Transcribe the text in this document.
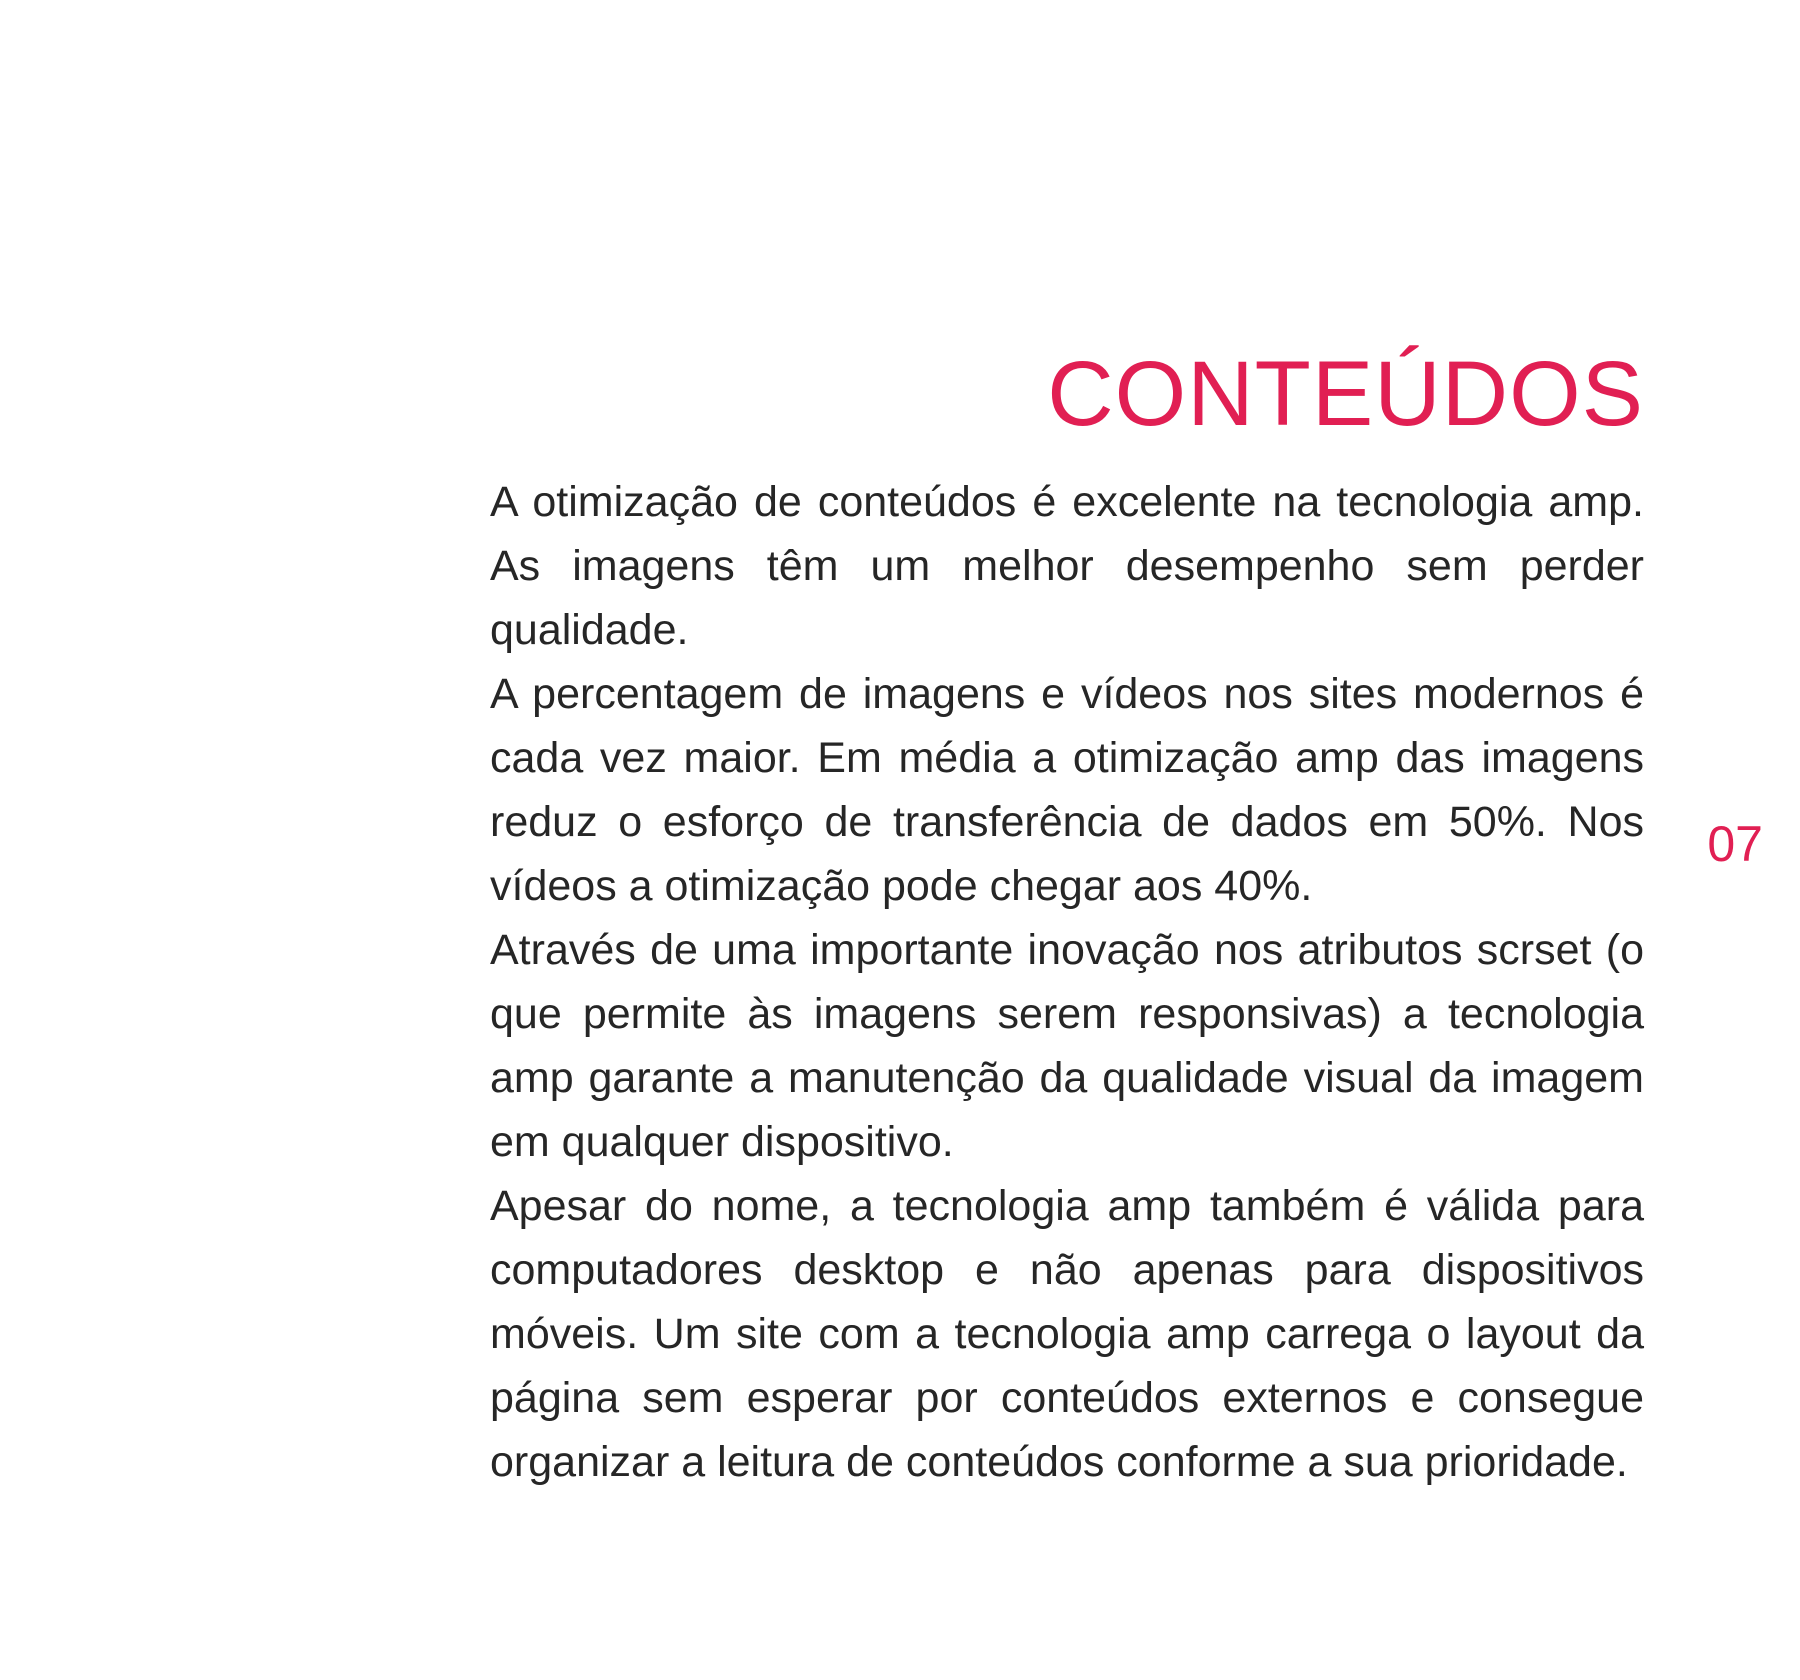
CONTEÚDOS

A otimização de conteúdos é excelente na tecnologia amp. As imagens têm um melhor desempenho sem perder qualidade.

A percentagem de imagens e vídeos nos sites modernos é cada vez maior. Em média a otimização amp das imagens reduz o esforço de transferência de dados em 50%. Nos vídeos a otimização pode chegar aos 40%.

Através de uma importante inovação nos atributos scrset (o que permite às imagens serem responsivas) a tecnologia amp garante a manutenção da qualidade visual da imagem em qualquer dispositivo.

Apesar do nome, a tecnologia amp também é válida para computadores desktop e não apenas para dispositivos móveis. Um site com a tecnologia amp carrega o layout da página sem esperar por conteúdos externos e consegue organizar a leitura de conteúdos conforme a sua prioridade.

07
